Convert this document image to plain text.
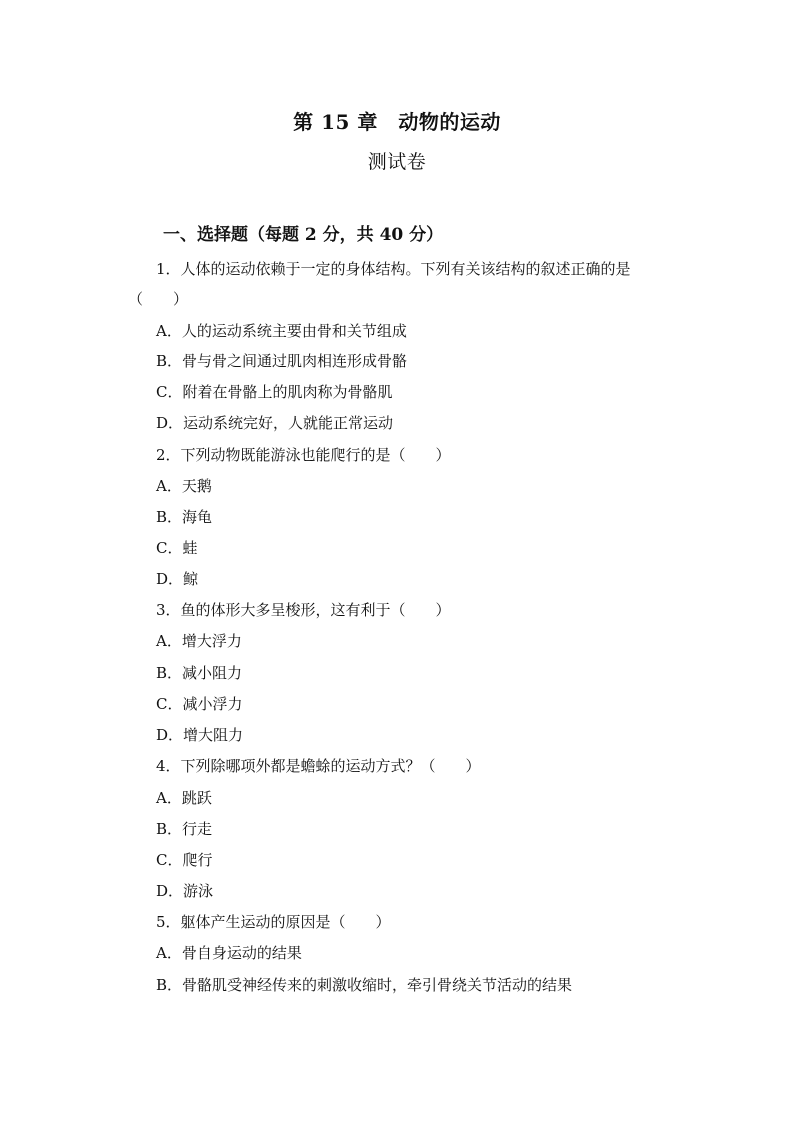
第 15 章　动物的运动
测试卷
一、选择题（每题 2 分，共 40 分）
1．人体的运动依赖于一定的身体结构。下列有关该结构的叙述正确的是
（　　）
A．人的运动系统主要由骨和关节组成
B．骨与骨之间通过肌肉相连形成骨骼
C．附着在骨骼上的肌肉称为骨骼肌
D．运动系统完好，人就能正常运动
2．下列动物既能游泳也能爬行的是（　　）
A．天鹅
B．海龟
C．蛙
D．鲸
3．鱼的体形大多呈梭形，这有利于（　　）
A．增大浮力
B．减小阻力
C．减小浮力
D．增大阻力
4．下列除哪项外都是蟾蜍的运动方式？（　　）
A．跳跃
B．行走
C．爬行
D．游泳
5．躯体产生运动的原因是（　　）
A．骨自身运动的结果
B．骨骼肌受神经传来的刺激收缩时，牵引骨绕关节活动的结果
